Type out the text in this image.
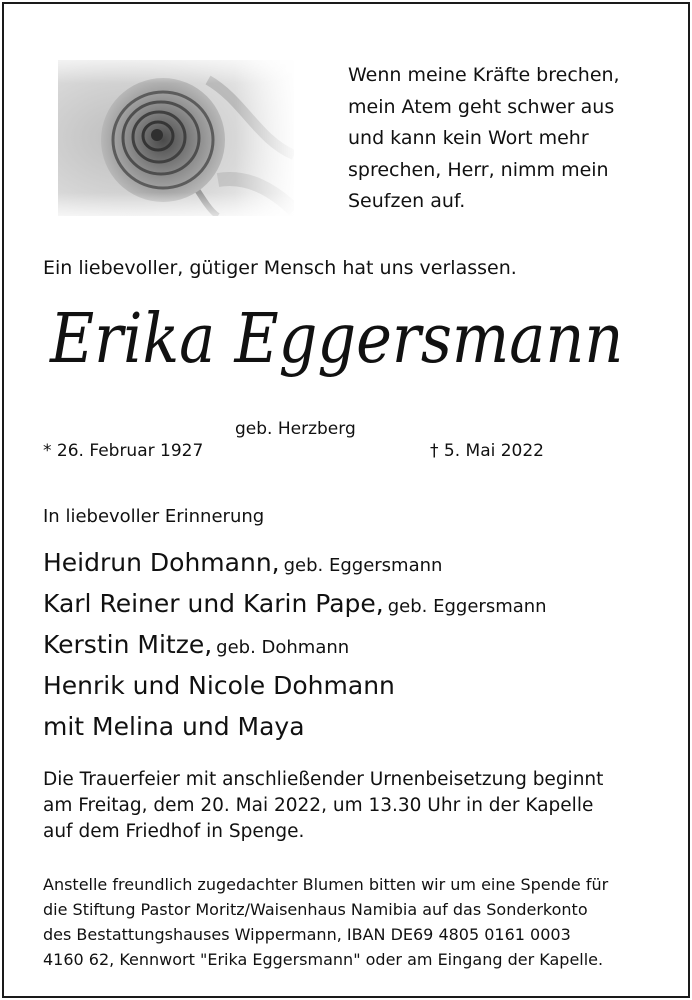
Wenn meine Kräfte brechen,
mein Atem geht schwer aus
und kann kein Wort mehr
sprechen, Herr, nimm mein
Seufzen auf.
Ein liebevoller, gütiger Mensch hat uns verlassen.
Erika Eggersmann
geb. Herzberg
* 26. Februar 1927	† 5. Mai 2022
In liebevoller Erinnerung
Heidrun Dohmann, geb. Eggersmann
Karl Reiner und Karin Pape, geb. Eggersmann
Kerstin Mitze, geb. Dohmann
Henrik und Nicole Dohmann
mit Melina und Maya
Die Trauerfeier mit anschließender Urnenbeisetzung beginnt
am Freitag, dem 20. Mai 2022, um 13.30 Uhr in der Kapelle
auf dem Friedhof in Spenge.
Anstelle freundlich zugedachter Blumen bitten wir um eine Spende für
die Stiftung Pastor Moritz/Waisenhaus Namibia auf das Sonderkonto
des Bestattungshauses Wippermann, IBAN DE69 4805 0161 0003
4160 62, Kennwort "Erika Eggersmann" oder am Eingang der Kapelle.
